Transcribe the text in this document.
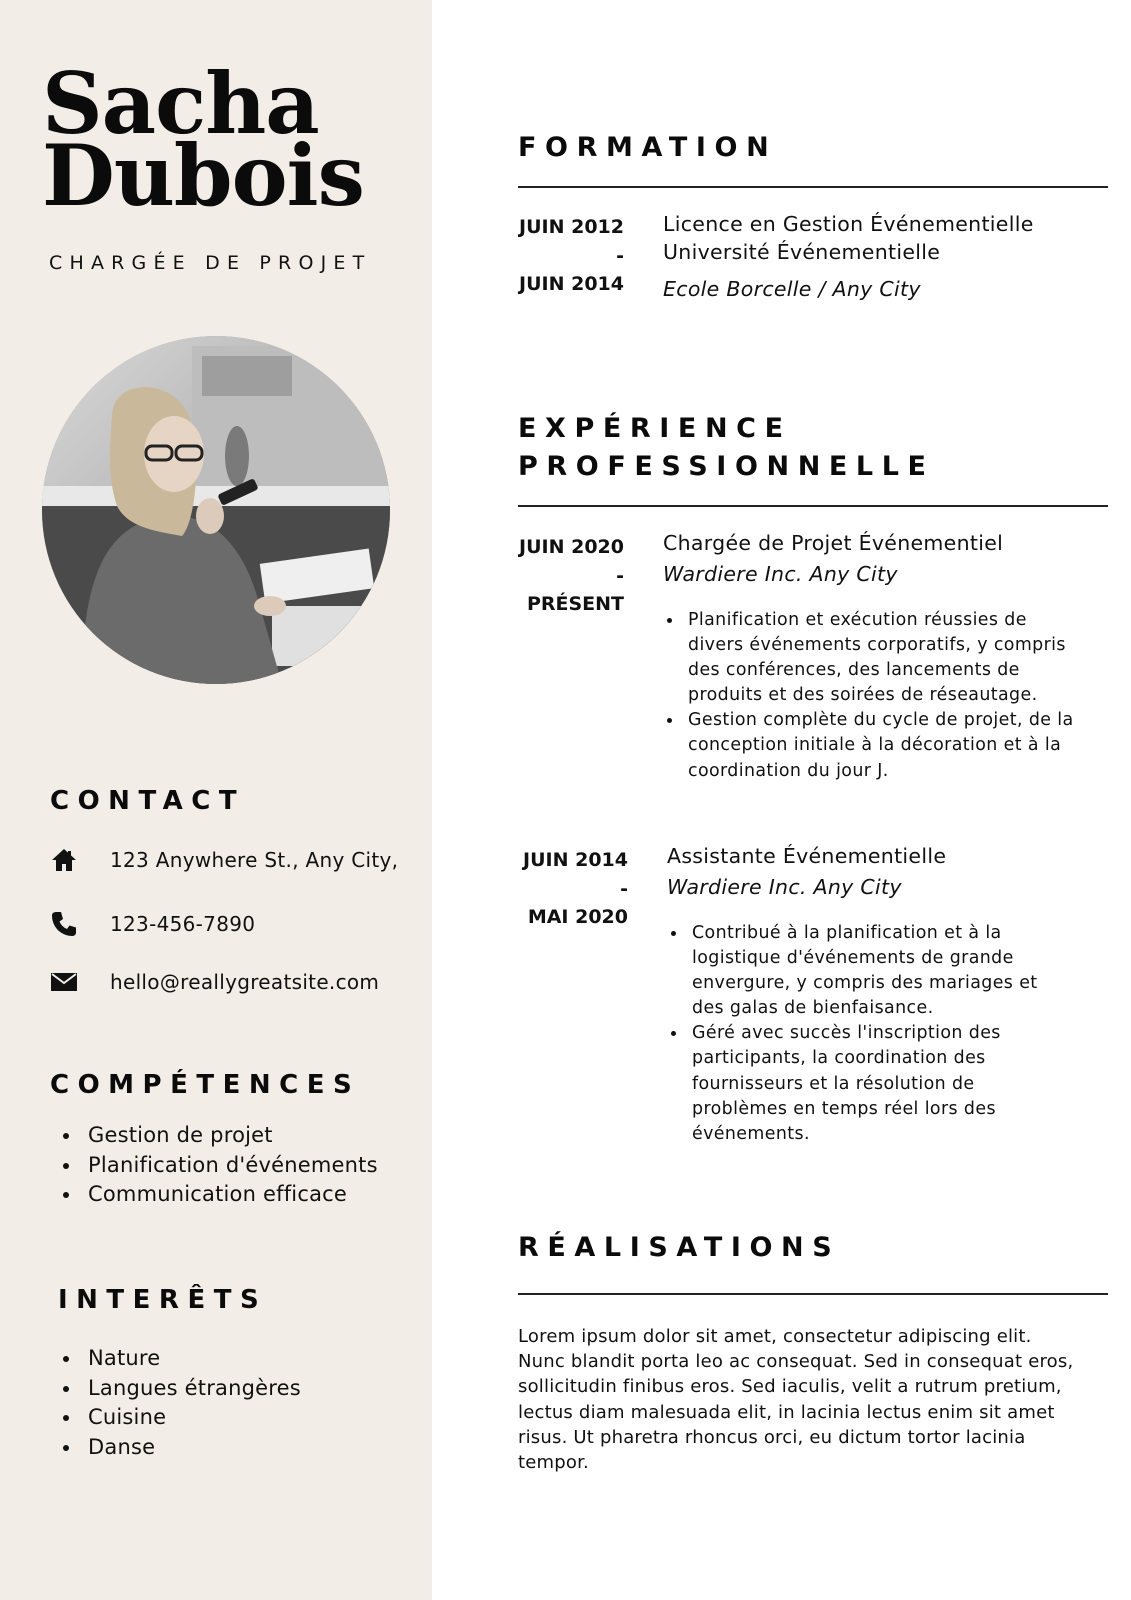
Sacha
Dubois
CHARGÉE DE PROJET
CONTACT
123 Anywhere St., Any City,
123-456-7890
hello@reallygreatsite.com
COMPÉTENCES
Gestion de projet
Planification d'événements
Communication efficace
INTERÊTS
Nature
Langues étrangères
Cuisine
Danse
FORMATION
JUIN 2012
-
JUIN 2014
Licence en Gestion Événementielle
Université Événementielle
Ecole Borcelle / Any City
EXPÉRIENCE
PROFESSIONNELLE
JUIN 2020
-
PRÉSENT
Chargée de Projet Événementiel
Wardiere Inc. Any City
Planification et exécution réussies de divers événements corporatifs, y compris des conférences, des lancements de produits et des soirées de réseautage.
Gestion complète du cycle de projet, de la conception initiale à la décoration et à la coordination du jour J.
JUIN 2014
-
MAI 2020
Assistante Événementielle
Wardiere Inc. Any City
Contribué à la planification et à la logistique d'événements de grande envergure, y compris des mariages et des galas de bienfaisance.
Géré avec succès l'inscription des participants, la coordination des fournisseurs et la résolution de problèmes en temps réel lors des événements.
RÉALISATIONS
Lorem ipsum dolor sit amet, consectetur adipiscing elit. Nunc blandit porta leo ac consequat. Sed in consequat eros, sollicitudin finibus eros. Sed iaculis, velit a rutrum pretium, lectus diam malesuada elit, in lacinia lectus enim sit amet risus. Ut pharetra rhoncus orci, eu dictum tortor lacinia tempor.
